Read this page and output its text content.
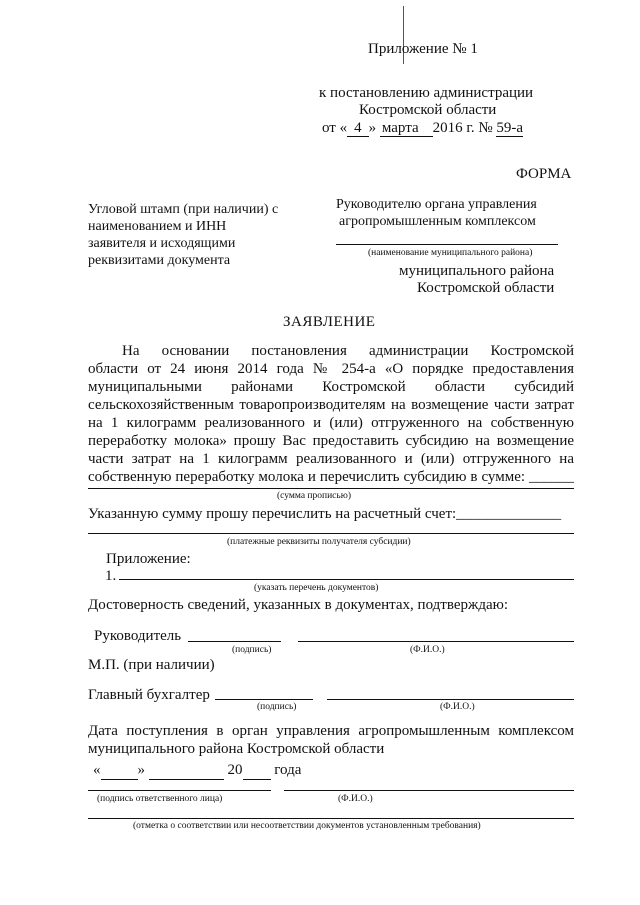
Приложение № 1
к постановлению администрации
Костромской области
от « 4 » марта 2016 г. № 59-а
ФОРМА
Угловой штамп (при наличии) с
наименованием и ИНН
заявителя и исходящими
реквизитами документа
Руководителю органа управления
агропромышленным комплексом
(наименование муниципального района)
муниципального района
Костромской области
ЗАЯВЛЕНИЕ
На основании постановления администрации Костромской
области от 24 июня 2014 года № 254-а «О порядке предоставления
муниципальными районами Костромской области субсидий
сельскохозяйственным товаропроизводителям на возмещение части затрат
на 1 килограмм реализованного и (или) отгруженного на собственную
переработку молока» прошу Вас предоставить субсидию на возмещение
части затрат на 1 килограмм реализованного и (или) отгруженного на
собственную переработку молока и перечислить субсидию в сумме: ______
(сумма прописью)
Указанную сумму прошу перечислить на расчетный счет:______________
(платежные реквизиты получателя субсидии)
Приложение:
1.
(указать перечень документов)
Достоверность сведений, указанных в документах, подтверждаю:
Руководитель
(подпись)	(Ф.И.О.)
М.П. (при наличии)
Главный бухгалтер
(подпись)	(Ф.И.О.)
Дата поступления в орган управления агропромышленным комплексом
муниципального района Костромской области
« »	20 года
(подпись ответственного лица)	(Ф.И.О.)
(отметка о соответствии или несоответствии документов установленным требования)
